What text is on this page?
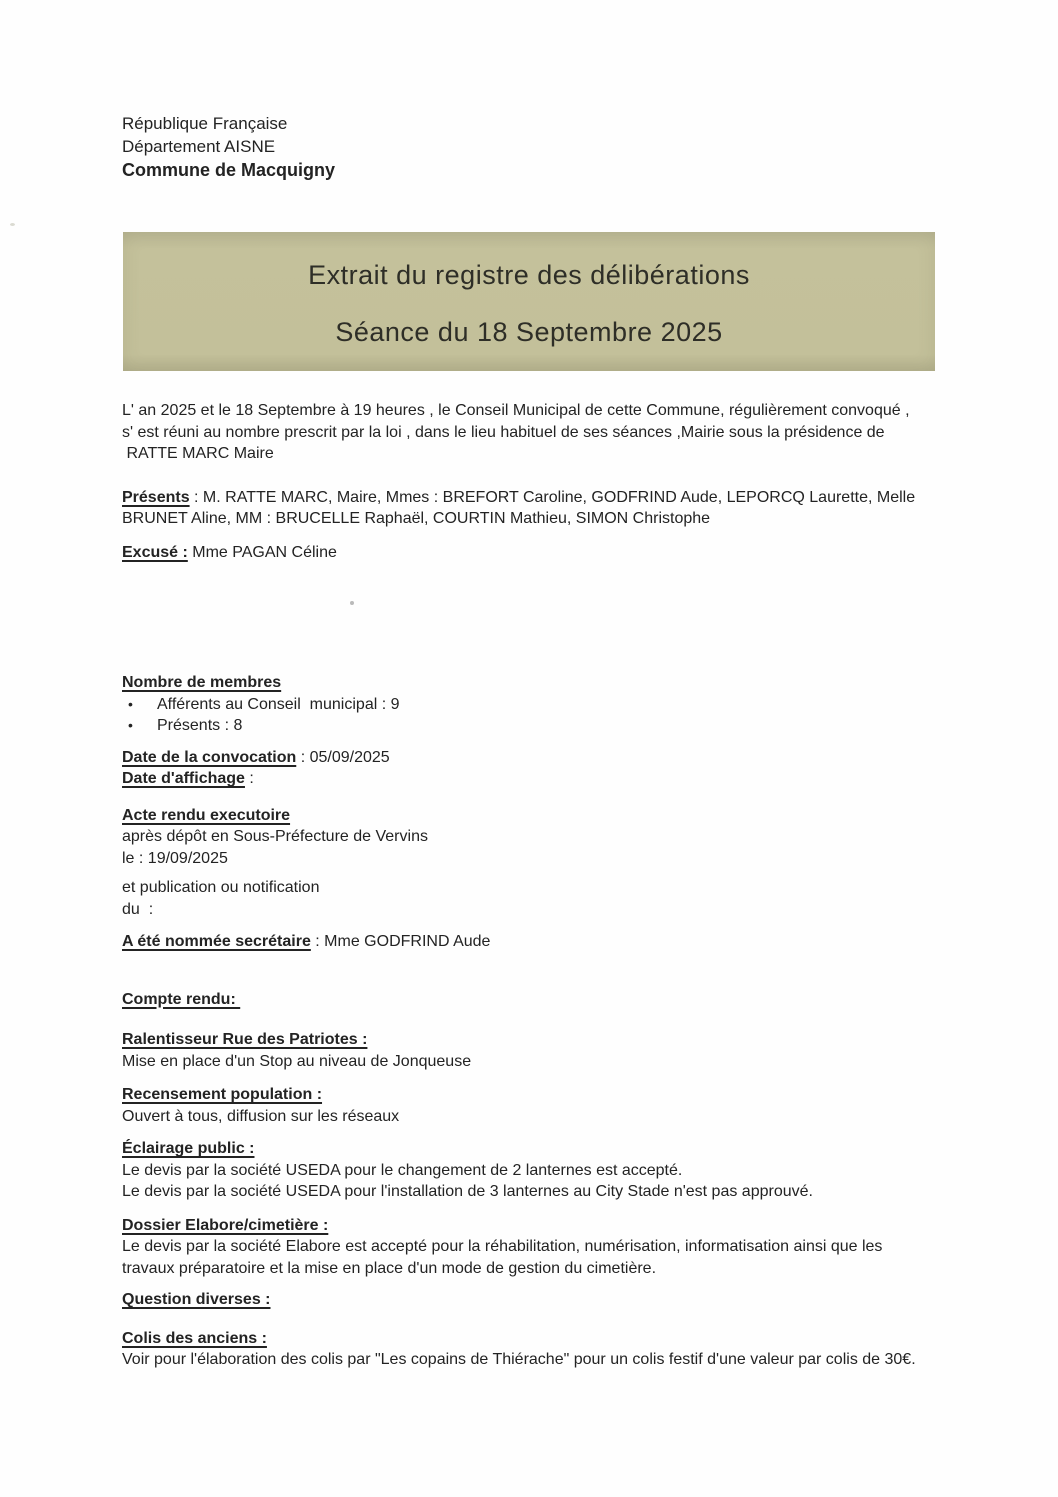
République Française
Département AISNE
Commune de Macquigny
Extrait du registre des délibérations
Séance du 18 Septembre 2025
L' an 2025 et le 18 Septembre à 19 heures , le Conseil Municipal de cette Commune, régulièrement convoqué ,
s' est réuni au nombre prescrit par la loi , dans le lieu habituel de ses séances ,Mairie sous la présidence de
RATTE MARC Maire
Présents : M. RATTE MARC, Maire, Mmes : BREFORT Caroline, GODFRIND Aude, LEPORCQ Laurette, Melle
BRUNET Aline, MM : BRUCELLE Raphaël, COURTIN Mathieu, SIMON Christophe
Excusé : Mme PAGAN Céline
Nombre de membres
•	Afférents au Conseil  municipal : 9
•	Présents : 8
Date de la convocation : 05/09/2025
Date d'affichage :
Acte rendu executoire
après dépôt en Sous-Préfecture de Vervins
le : 19/09/2025
et publication ou notification
du  :
A été nommée secrétaire : Mme GODFRIND Aude
Compte rendu:
Ralentisseur Rue des Patriotes :
Mise en place d'un Stop au niveau de Jonqueuse
Recensement population :
Ouvert à tous, diffusion sur les réseaux
Éclairage public :
Le devis par la société USEDA pour le changement de 2 lanternes est accepté.
Le devis par la société USEDA pour l'installation de 3 lanternes au City Stade n'est pas approuvé.
Dossier Elabore/cimetière :
Le devis par la société Elabore est accepté pour la réhabilitation, numérisation, informatisation ainsi que les
travaux préparatoire et la mise en place d'un mode de gestion du cimetière.
Question diverses :
Colis des anciens :
Voir pour l'élaboration des colis par "Les copains de Thiérache" pour un colis festif d'une valeur par colis de 30€.
